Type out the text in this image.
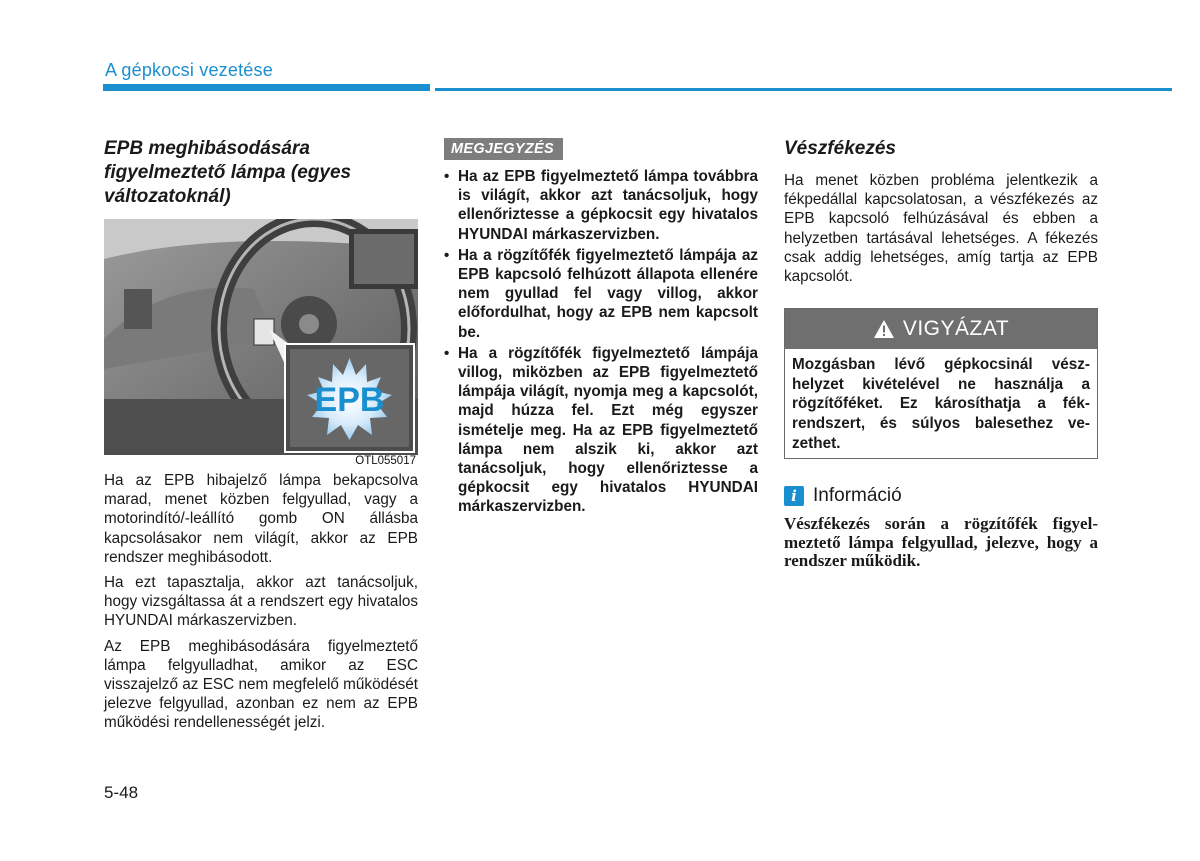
A gépkocsi vezetése
EPB meghibásodására figyelmeztető lámpa (egyes változatoknál)
EPB
OTL055017

Ha az EPB hibajelző lámpa bekapcsolva marad, menet közben felgyullad, vagy a motorindító/-leállító gomb ON állásba kapcsolásakor nem világít, akkor az EPB rendszer meghibásodott.

Ha ezt tapasztalja, akkor azt tanácsoljuk, hogy vizsgáltassa át a rendszert egy hivatalos HYUNDAI márkaszervizben.

Az EPB meghibásodására figyelmeztető lámpa felgyulladhat, amikor az ESC visszajelző az ESC nem megfelelő működését jelezve felgyullad, azonban ez nem az EPB működési rendellenességét jelzi.

MEGJEGYZÉS
• Ha az EPB figyelmeztető lámpa továbbra is világít, akkor azt tanácsoljuk, hogy ellenőriztesse a gépkocsit egy hivatalos HYUNDAI márkaszervizben.
• Ha a rögzítőfék figyelmeztető lámpája az EPB kapcsoló felhúzott állapota ellenére nem gyullad fel vagy villog, akkor előfordulhat, hogy az EPB nem kapcsolt be.
• Ha a rögzítőfék figyelmeztető lámpája villog, miközben az EPB figyelmeztető lámpája világít, nyomja meg a kapcsolót, majd húzza fel. Ezt még egyszer ismételje meg. Ha az EPB figyelmeztető lámpa nem alszik ki, akkor azt tanácsoljuk, hogy ellenőriztesse a gépkocsit egy hivatalos HYUNDAI márkaszervizben.
Vészfékezés

Ha menet közben probléma jelentkezik a fékpedállal kapcsolatosan, a vészfékezés az EPB kapcsoló felhúzásával és ebben a helyzetben tartásával lehetséges. A fékezés csak addig lehetséges, amíg tartja az EPB kapcsolót.

VIGYÁZAT
Mozgásban lévő gépkocsinál vészhelyzet kivételével ne használja a rögzítőféket. Ez károsíthatja a fékrendszert, és súlyos balesethez vezethet.
i Információ
Vészfékezés során a rögzítőfék figyelmeztető lámpa felgyullad, jelezve, hogy a rendszer működik.
5-48
